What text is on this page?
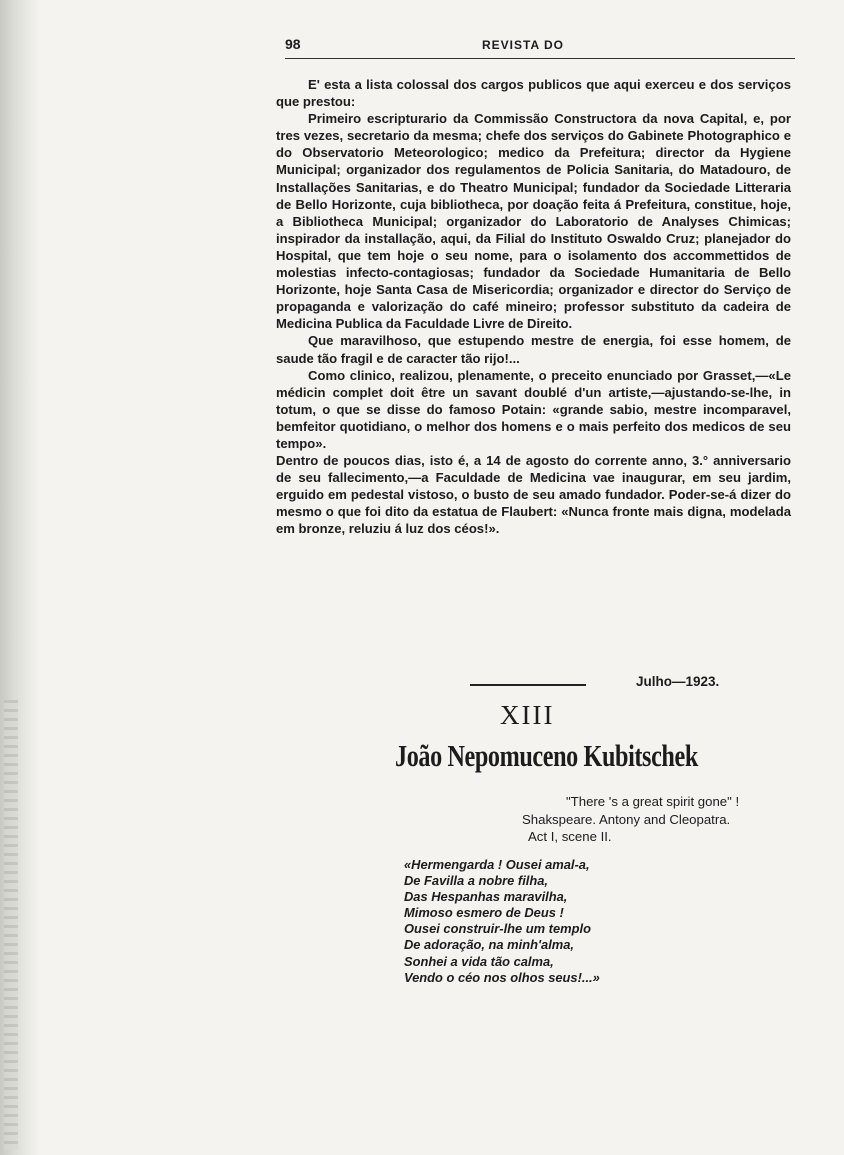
98	REVISTA DO

E' esta a lista colossal dos cargos publicos que aqui exerceu e dos serviços que prestou:

Primeiro escripturario da Commissão Constructora da nova Capital, e, por tres vezes, secretario da mesma; chefe dos serviços do Gabinete Photographico e do Observatorio Meteorologico; medico da Prefeitura; director da Hygiene Municipal; organizador dos regulamentos de Policia Sanitaria, do Matadouro, de Installações Sanitarias, e do Theatro Municipal; fundador da Sociedade Litteraria de Bello Horizonte, cuja bibliotheca, por doação feita á Prefeitura, constitue, hoje, a Bibliotheca Municipal; organizador do Laboratorio de Analyses Chimicas; inspirador da installação, aqui, da Filial do Instituto Oswaldo Cruz; planejador do Hospital, que tem hoje o seu nome, para o isolamento dos accommettidos de molestias infecto-contagiosas; fundador da Sociedade Humanitaria de Bello Horizonte, hoje Santa Casa de Misericordia; organizador e director do Serviço de propaganda e valorização do café mineiro; professor substituto da cadeira de Medicina Publica da Faculdade Livre de Direito.

Que maravilhoso, que estupendo mestre de energia, foi esse homem, de saude tão fragil e de caracter tão rijo!...

Como clinico, realizou, plenamente, o preceito enunciado por Grasset,—«Le médicin complet doit être un savant doublé d'un artiste,—ajustando-se-lhe, in totum, o que se disse do famoso Potain: «grande sabio, mestre incomparavel, bemfeitor quotidiano, o melhor dos homens e o mais perfeito dos medicos de seu tempo».

Dentro de poucos dias, isto é, a 14 de agosto do corrente anno, 3.° anniversario de seu fallecimento,—a Faculdade de Medicina vae inaugurar, em seu jardim, erguido em pedestal vistoso, o busto de seu amado fundador. Poder-se-á dizer do mesmo o que foi dito da estatua de Flaubert: «Nunca fronte mais digna, modelada em bronze, reluziu á luz dos céos!».

Julho—1923.
XIII
João Nepomuceno Kubitschek
"There 's a great spirit gone" !
Shakspeare. Antony and Cleopatra.
Act I, scene II.
«Hermengarda ! Ousei amal-a,
De Favilla a nobre filha,
Das Hespanhas maravilha,
Mimoso esmero de Deus !
Ousei construir-lhe um templo
De adoração, na minh'alma,
Sonhei a vida tão calma,
Vendo o céo nos olhos seus!...»
